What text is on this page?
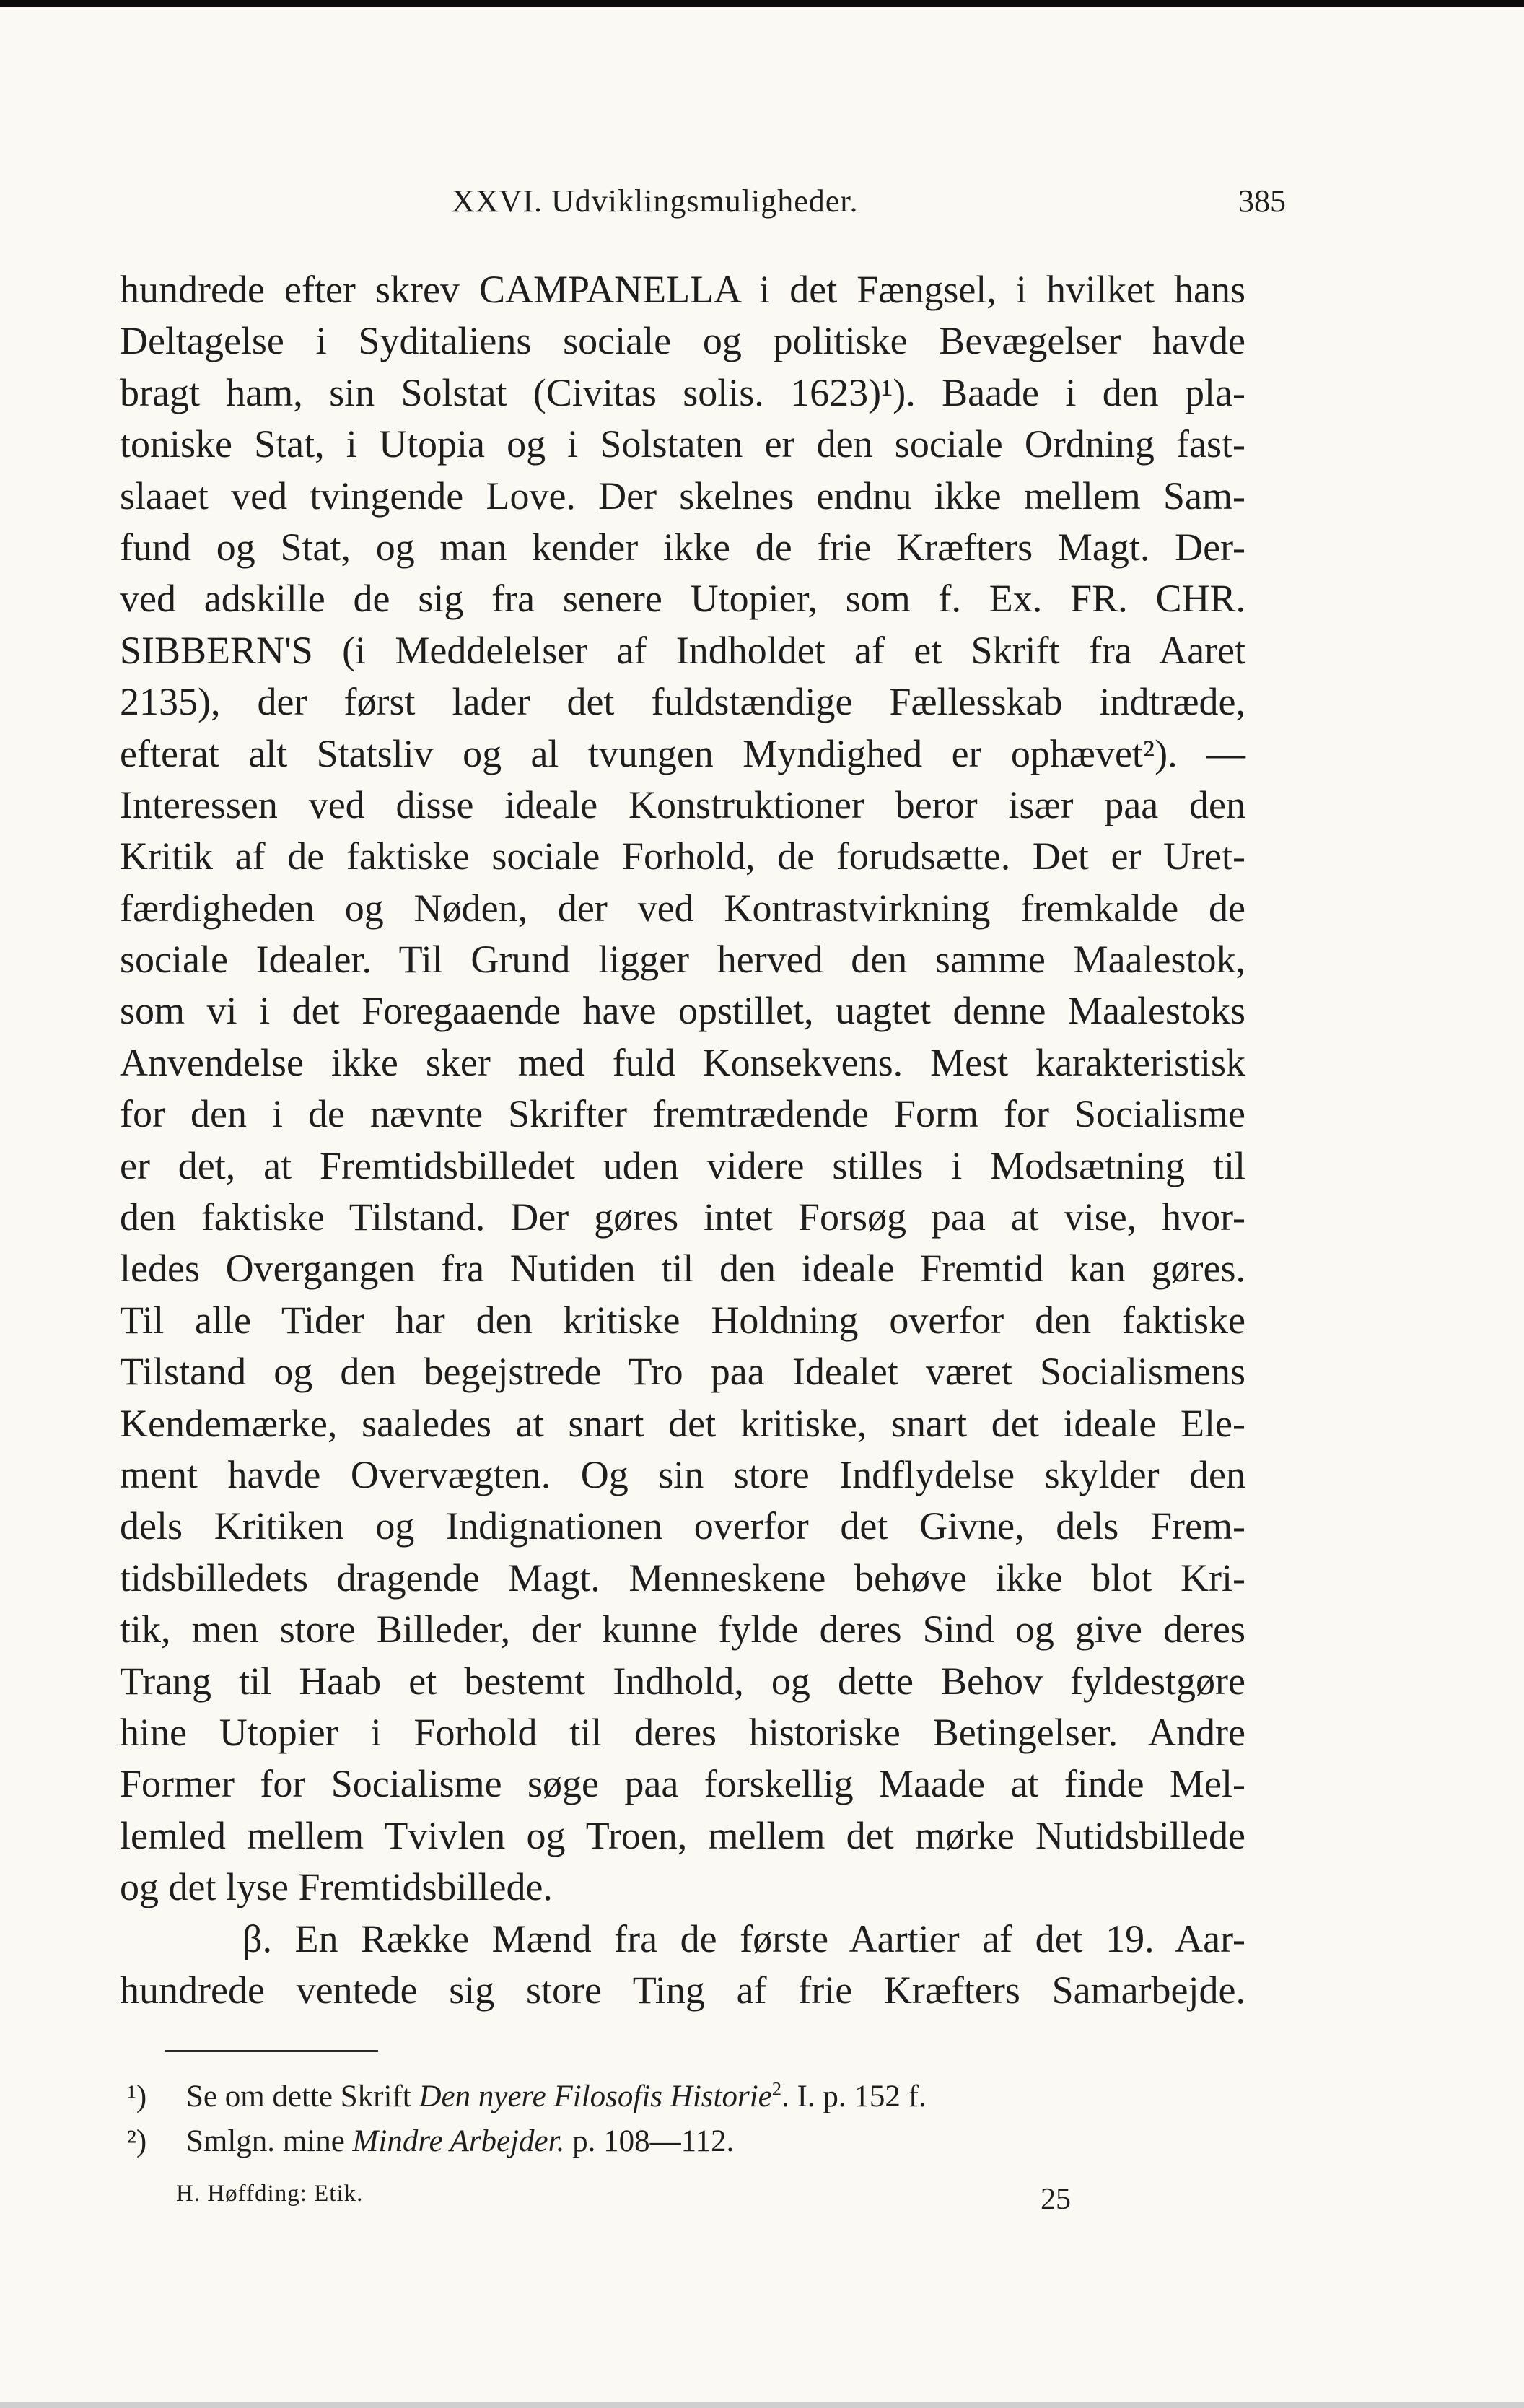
XXVI. Udviklingsmuligheder.	385
hundrede efter skrev CAMPANELLA i det Fængsel, i hvilket hans
Deltagelse i Syditaliens sociale og politiske Bevægelser havde
bragt ham, sin Solstat (Civitas solis. 1623)¹). Baade i den pla-
toniske Stat, i Utopia og i Solstaten er den sociale Ordning fast-
slaaet ved tvingende Love. Der skelnes endnu ikke mellem Sam-
fund og Stat, og man kender ikke de frie Kræfters Magt. Der-
ved adskille de sig fra senere Utopier, som f. Ex. FR. CHR.
SIBBERN'S (i Meddelelser af Indholdet af et Skrift fra Aaret
2135), der først lader det fuldstændige Fællesskab indtræde,
efterat alt Statsliv og al tvungen Myndighed er ophævet²). —
Interessen ved disse ideale Konstruktioner beror især paa den
Kritik af de faktiske sociale Forhold, de forudsætte. Det er Uret-
færdigheden og Nøden, der ved Kontrastvirkning fremkalde de
sociale Idealer. Til Grund ligger herved den samme Maalestok,
som vi i det Foregaaende have opstillet, uagtet denne Maalestoks
Anvendelse ikke sker med fuld Konsekvens. Mest karakteristisk
for den i de nævnte Skrifter fremtrædende Form for Socialisme
er det, at Fremtidsbilledet uden videre stilles i Modsætning til
den faktiske Tilstand. Der gøres intet Forsøg paa at vise, hvor-
ledes Overgangen fra Nutiden til den ideale Fremtid kan gøres.
Til alle Tider har den kritiske Holdning overfor den faktiske
Tilstand og den begejstrede Tro paa Idealet været Socialismens
Kendemærke, saaledes at snart det kritiske, snart det ideale Ele-
ment havde Overvægten. Og sin store Indflydelse skylder den
dels Kritiken og Indignationen overfor det Givne, dels Frem-
tidsbilledets dragende Magt. Menneskene behøve ikke blot Kri-
tik, men store Billeder, der kunne fylde deres Sind og give deres
Trang til Haab et bestemt Indhold, og dette Behov fyldestgøre
hine Utopier i Forhold til deres historiske Betingelser. Andre
Former for Socialisme søge paa forskellig Maade at finde Mel-
lemled mellem Tvivlen og Troen, mellem det mørke Nutidsbillede
og det lyse Fremtidsbillede.
β. En Række Mænd fra de første Aartier af det 19. Aar-
hundrede ventede sig store Ting af frie Kræfters Samarbejde.
¹) Se om dette Skrift Den nyere Filosofis Historie$^2$. I. p. 152 f.
²) Smlgn. mine Mindre Arbejder. p. 108—112.
H. Høffding: Etik.	25
